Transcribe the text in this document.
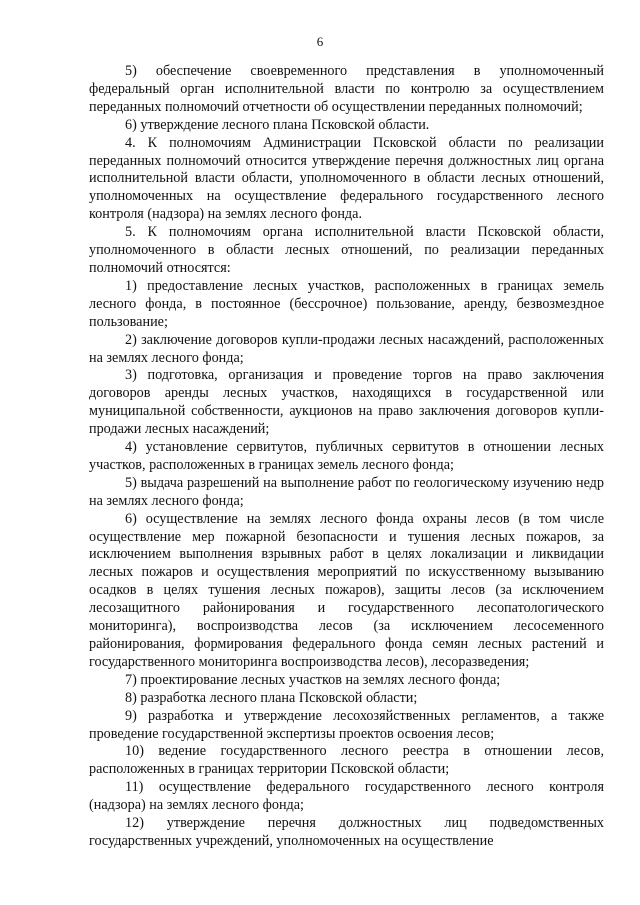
6

5) обеспечение своевременного представления в уполномоченный федеральный орган исполнительной власти по контролю за осуществлением переданных полномочий отчетности об осуществлении переданных полномочий;

6) утверждение лесного плана Псковской области.

4. К полномочиям Администрации Псковской области по реализации переданных полномочий относится утверждение перечня должностных лиц органа исполнительной власти области, уполномоченного в области лесных отношений, уполномоченных на осуществление федерального государственного лесного контроля (надзора) на землях лесного фонда.

5. К полномочиям органа исполнительной власти Псковской области, уполномоченного в области лесных отношений, по реализации переданных полномочий относятся:

1) предоставление лесных участков, расположенных в границах земель лесного фонда, в постоянное (бессрочное) пользование, аренду, безвозмездное пользование;

2) заключение договоров купли-продажи лесных насаждений, расположенных на землях лесного фонда;

3) подготовка, организация и проведение торгов на право заключения договоров аренды лесных участков, находящихся в государственной или муниципальной собственности, аукционов на право заключения договоров купли-продажи лесных насаждений;

4) установление сервитутов, публичных сервитутов в отношении лесных участков, расположенных в границах земель лесного фонда;

5) выдача разрешений на выполнение работ по геологическому изучению недр на землях лесного фонда;

6) осуществление на землях лесного фонда охраны лесов (в том числе осуществление мер пожарной безопасности и тушения лесных пожаров, за исключением выполнения взрывных работ в целях локализации и ликвидации лесных пожаров и осуществления мероприятий по искусственному вызыванию осадков в целях тушения лесных пожаров), защиты лесов (за исключением лесозащитного районирования и государственного лесопатологического мониторинга), воспроизводства лесов (за исключением лесосеменного районирования, формирования федерального фонда семян лесных растений и государственного мониторинга воспроизводства лесов), лесоразведения;

7) проектирование лесных участков на землях лесного фонда;

8) разработка лесного плана Псковской области;

9) разработка и утверждение лесохозяйственных регламентов, а также проведение государственной экспертизы проектов освоения лесов;

10) ведение государственного лесного реестра в отношении лесов, расположенных в границах территории Псковской области;

11) осуществление федерального государственного лесного контроля (надзора) на землях лесного фонда;

12) утверждение перечня должностных лиц подведомственных государственных учреждений, уполномоченных на осуществление
